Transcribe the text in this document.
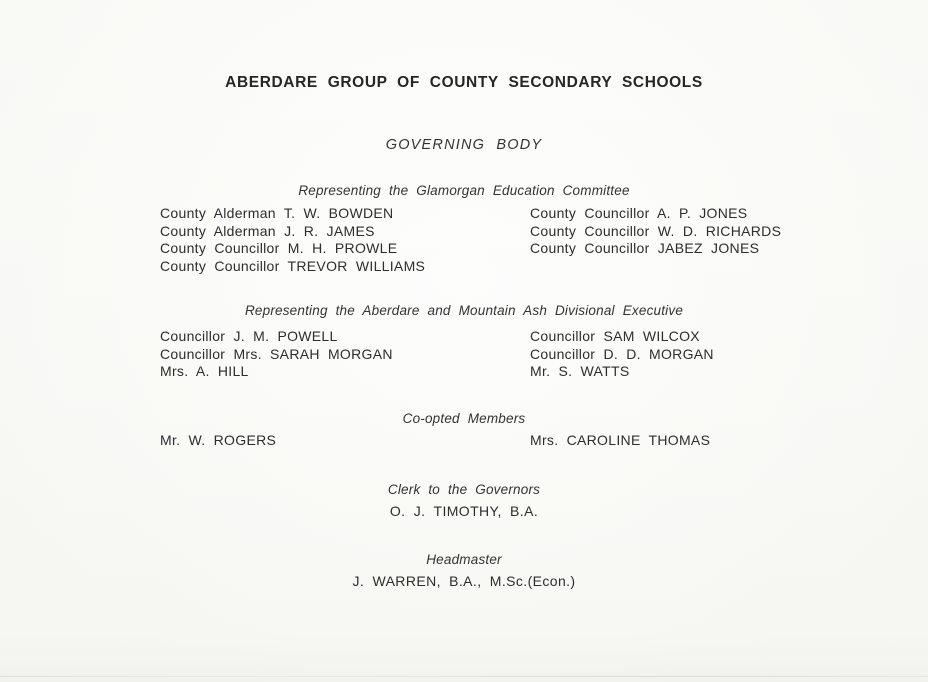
ABERDARE GROUP OF COUNTY SECONDARY SCHOOLS
GOVERNING BODY
Representing the Glamorgan Education Committee
County Alderman T. W. BOWDEN
County Alderman J. R. JAMES
County Councillor M. H. PROWLE
County Councillor TREVOR WILLIAMS
County Councillor A. P. JONES
County Councillor W. D. RICHARDS
County Councillor JABEZ JONES
Representing the Aberdare and Mountain Ash Divisional Executive
Councillor J. M. POWELL
Councillor Mrs. SARAH MORGAN
Mrs. A. HILL
Councillor SAM WILCOX
Councillor D. D. MORGAN
Mr. S. WATTS
Co-opted Members
Mr. W. ROGERS	Mrs. CAROLINE THOMAS
Clerk to the Governors
O. J. TIMOTHY, B.A.
Headmaster
J. WARREN, B.A., M.Sc.(Econ.)
